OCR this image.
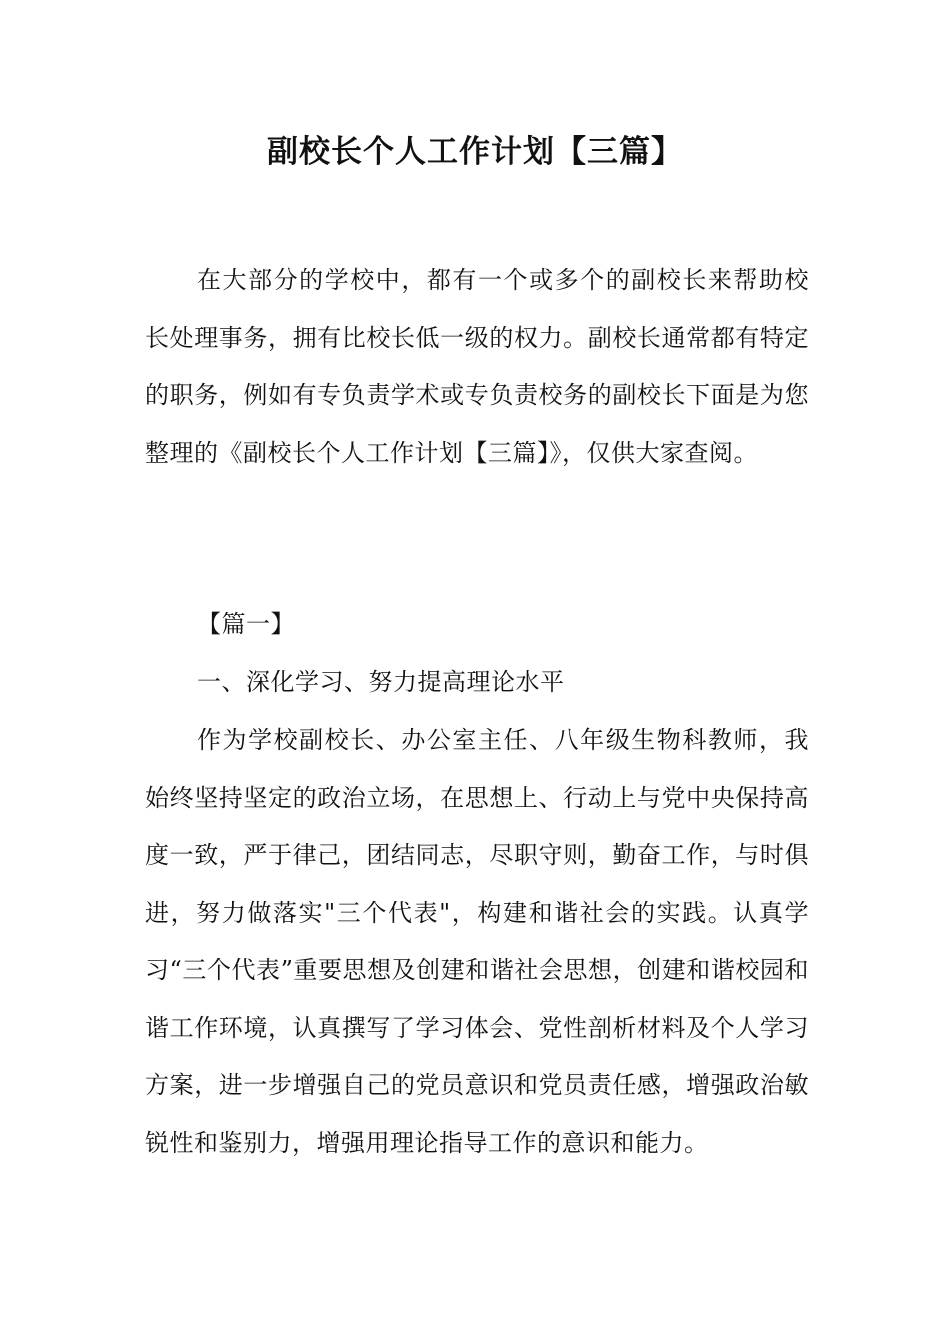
副校长个人工作计划【三篇】

在大部分的学校中，都有一个或多个的副校长来帮助校长处理事务，拥有比校长低一级的权力。副校长通常都有特定的职务，例如有专负责学术或专负责校务的副校长下面是为您整理的《副校长个人工作计划【三篇】》，仅供大家查阅。

【篇一】

一、深化学习、努力提高理论水平

作为学校副校长、办公室主任、八年级生物科教师，我始终坚持坚定的政治立场，在思想上、行动上与党中央保持高度一致，严于律己，团结同志，尽职守则，勤奋工作，与时俱进，努力做落实"三个代表"，构建和谐社会的实践。认真学习“三个代表”重要思想及创建和谐社会思想，创建和谐校园和谐工作环境，认真撰写了学习体会、党性剖析材料及个人学习方案，进一步增强自己的党员意识和党员责任感，增强政治敏锐性和鉴别力，增强用理论指导工作的意识和能力。
